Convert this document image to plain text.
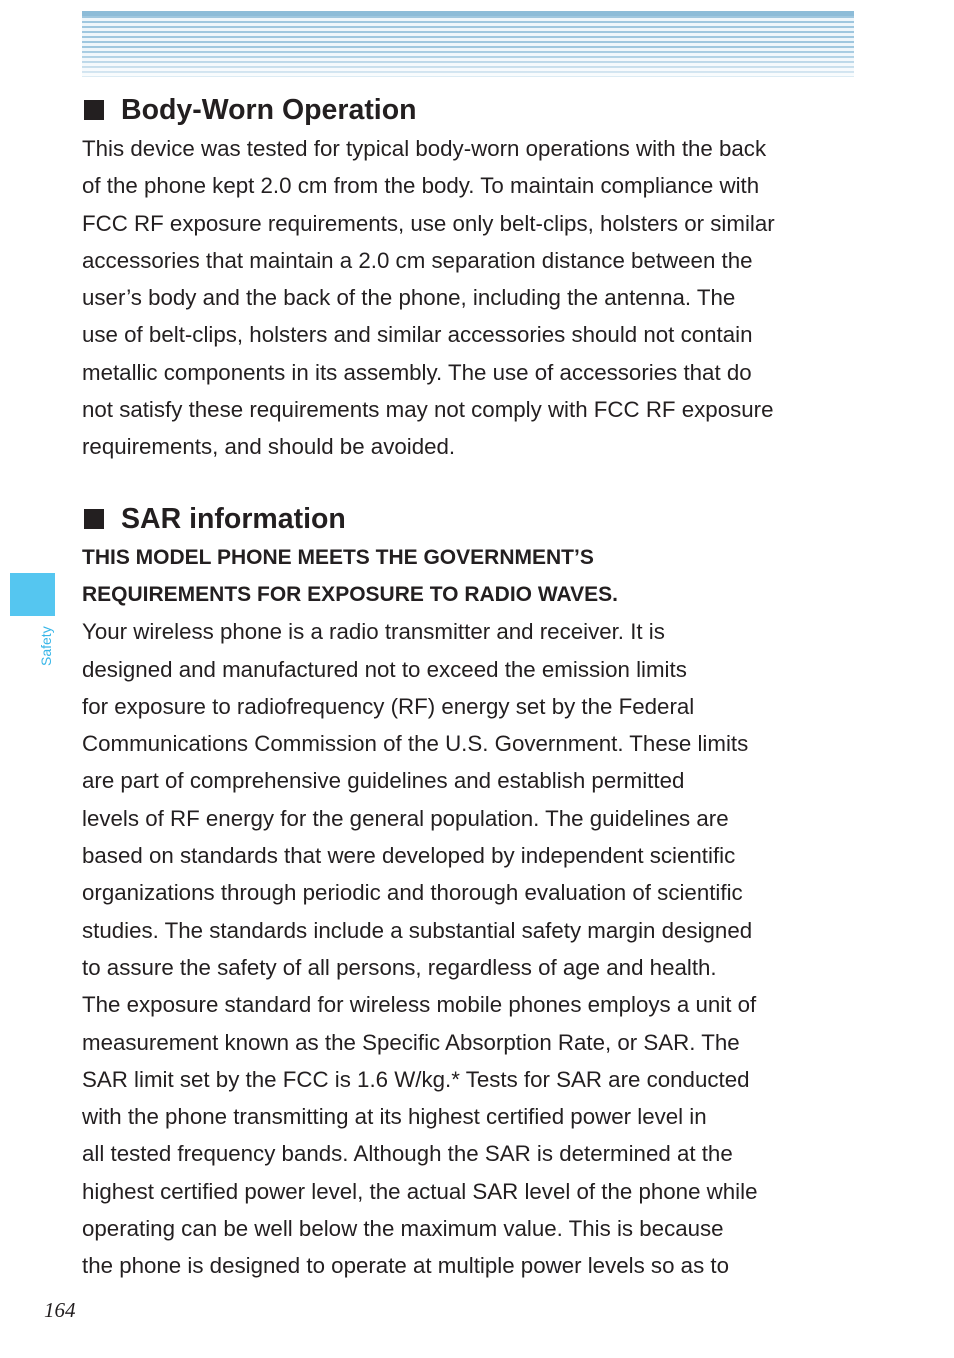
Safety
Body-Worn Operation
This device was tested for typical body-worn operations with the back
of the phone kept 2.0 cm from the body. To maintain compliance with
FCC RF exposure requirements, use only belt-clips, holsters or similar
accessories that maintain a 2.0 cm separation distance between the
user’s body and the back of the phone, including the antenna. The
use of belt-clips, holsters and similar accessories should not contain
metallic components in its assembly. The use of accessories that do
not satisfy these requirements may not comply with FCC RF exposure
requirements, and should be avoided.
SAR information
THIS MODEL PHONE MEETS THE GOVERNMENT’S
REQUIREMENTS FOR EXPOSURE TO RADIO WAVES.
Your wireless phone is a radio transmitter and receiver. It is
designed and manufactured not to exceed the emission limits
for exposure to radiofrequency (RF) energy set by the Federal
Communications Commission of the U.S. Government. These limits
are part of comprehensive guidelines and establish permitted
levels of RF energy for the general population. The guidelines are
based on standards that were developed by independent scientific
organizations through periodic and thorough evaluation of scientific
studies. The standards include a substantial safety margin designed
to assure the safety of all persons, regardless of age and health.
The exposure standard for wireless mobile phones employs a unit of
measurement known as the Specific Absorption Rate, or SAR. The
SAR limit set by the FCC is 1.6 W/kg.* Tests for SAR are conducted
with the phone transmitting at its highest certified power level in
all tested frequency bands. Although the SAR is determined at the
highest certified power level, the actual SAR level of the phone while
operating can be well below the maximum value. This is because
the phone is designed to operate at multiple power levels so as to
164
